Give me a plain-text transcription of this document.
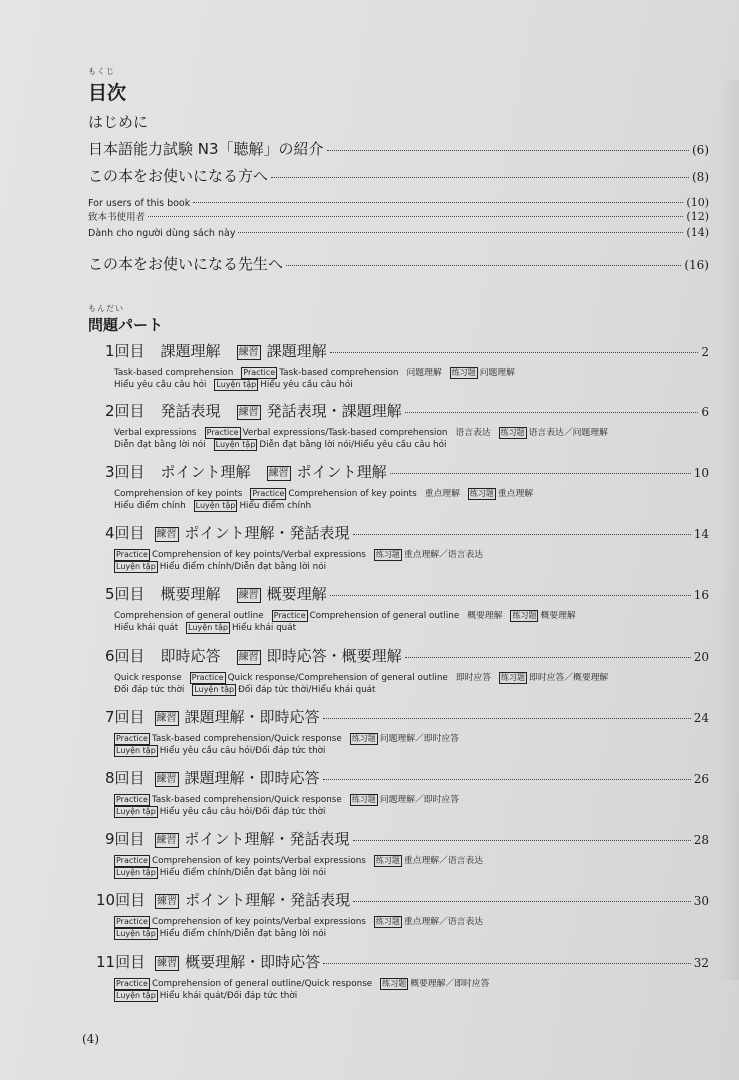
もくじ
目次
はじめに
日本語能力試験 N3「聴解」の紹介	(6)
この本をお使いになる方へ	(8)
For users of this book	(10)
致本书使用者	(12)
Dành cho người dùng sách này	(14)
この本をお使いになる先生へ	(16)
もんだい
問題パート
1回目 課題理解 練習 課題理解	2
Task-based comprehension Practice Task-based comprehension 问题理解 练习题 问题理解
Hiểu yêu cầu câu hỏi Luyện tập Hiểu yêu cầu câu hỏi
2回目 発話表現 練習 発話表現・課題理解	6
Verbal expressions Practice Verbal expressions/Task-based comprehension 语言表达 练习题 语言表达／问题理解
Diễn đạt bằng lời nói Luyện tập Diễn đạt bằng lời nói/Hiểu yêu cầu câu hỏi
3回目 ポイント理解 練習 ポイント理解	10
Comprehension of key points Practice Comprehension of key points 重点理解 练习题 重点理解
Hiểu điểm chính Luyện tập Hiểu điểm chính
4回目 練習 ポイント理解・発話表現	14
Practice Comprehension of key points/Verbal expressions 练习题 重点理解／语言表达
Luyện tập Hiểu điểm chính/Diễn đạt bằng lời nói
5回目 概要理解 練習 概要理解	16
Comprehension of general outline Practice Comprehension of general outline 概要理解 练习题 概要理解
Hiểu khái quát Luyện tập Hiểu khái quát
6回目 即時応答 練習 即時応答・概要理解	20
Quick response Practice Quick response/Comprehension of general outline 即时应答 练习题 即时应答／概要理解
Đối đáp tức thời Luyện tập Đối đáp tức thời/Hiểu khái quát
7回目 練習 課題理解・即時応答	24
Practice Task-based comprehension/Quick response 练习题 问题理解／即时应答
Luyện tập Hiểu yêu cầu câu hỏi/Đối đáp tức thời
8回目 練習 課題理解・即時応答	26
Practice Task-based comprehension/Quick response 练习题 问题理解／即时应答
Luyện tập Hiểu yêu cầu câu hỏi/Đối đáp tức thời
9回目 練習 ポイント理解・発話表現	28
Practice Comprehension of key points/Verbal expressions 练习题 重点理解／语言表达
Luyện tập Hiểu điểm chính/Diễn đạt bằng lời nói
10回目 練習 ポイント理解・発話表現	30
Practice Comprehension of key points/Verbal expressions 练习题 重点理解／语言表达
Luyện tập Hiểu điểm chính/Diễn đạt bằng lời nói
11回目 練習 概要理解・即時応答	32
Practice Comprehension of general outline/Quick response 练习题 概要理解／即时应答
Luyện tập Hiểu khái quát/Đối đáp tức thời
(4)
